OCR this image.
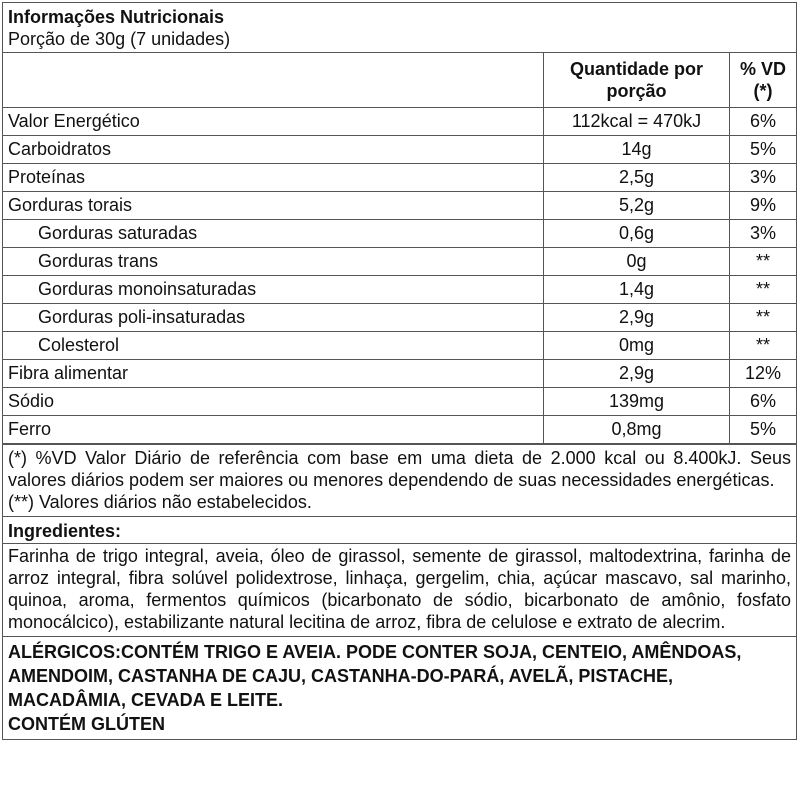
Informações Nutricionais
Porção de 30g (7 unidades)
	Quantidade por porção	% VD (*)
Valor Energético	112kcal = 470kJ	6%
Carboidratos	14g	5%
Proteínas	2,5g	3%
Gorduras torais	5,2g	9%
Gorduras saturadas	0,6g	3%
Gorduras trans	0g	**
Gorduras monoinsaturadas	1,4g	**
Gorduras poli-insaturadas	2,9g	**
Colesterol	0mg	**
Fibra alimentar	2,9g	12%
Sódio	139mg	6%
Ferro	0,8mg	5%

(*) %VD Valor Diário de referência com base em uma dieta de 2.000 kcal ou 8.400kJ. Seus valores diários podem ser maiores ou menores dependendo de suas necessidades energéticas.

(**) Valores diários não estabelecidos.

Ingredientes:
Farinha de trigo integral, aveia, óleo de girassol, semente de girassol, maltodextrina, farinha de arroz integral, fibra solúvel polidextrose, linhaça, gergelim, chia, açúcar mascavo, sal marinho, quinoa, aroma, fermentos químicos (bicarbonato de sódio, bicarbonato de amônio, fosfato monocálcico), estabilizante natural lecitina de arroz, fibra de celulose e extrato de alecrim.

ALÉRGICOS:CONTÉM TRIGO E AVEIA. PODE CONTER SOJA, CENTEIO, AMÊNDOAS, AMENDOIM, CASTANHA DE CAJU, CASTANHA-DO-PARÁ, AVELÃ, PISTACHE, MACADÂMIA, CEVADA E LEITE.

CONTÉM GLÚTEN
